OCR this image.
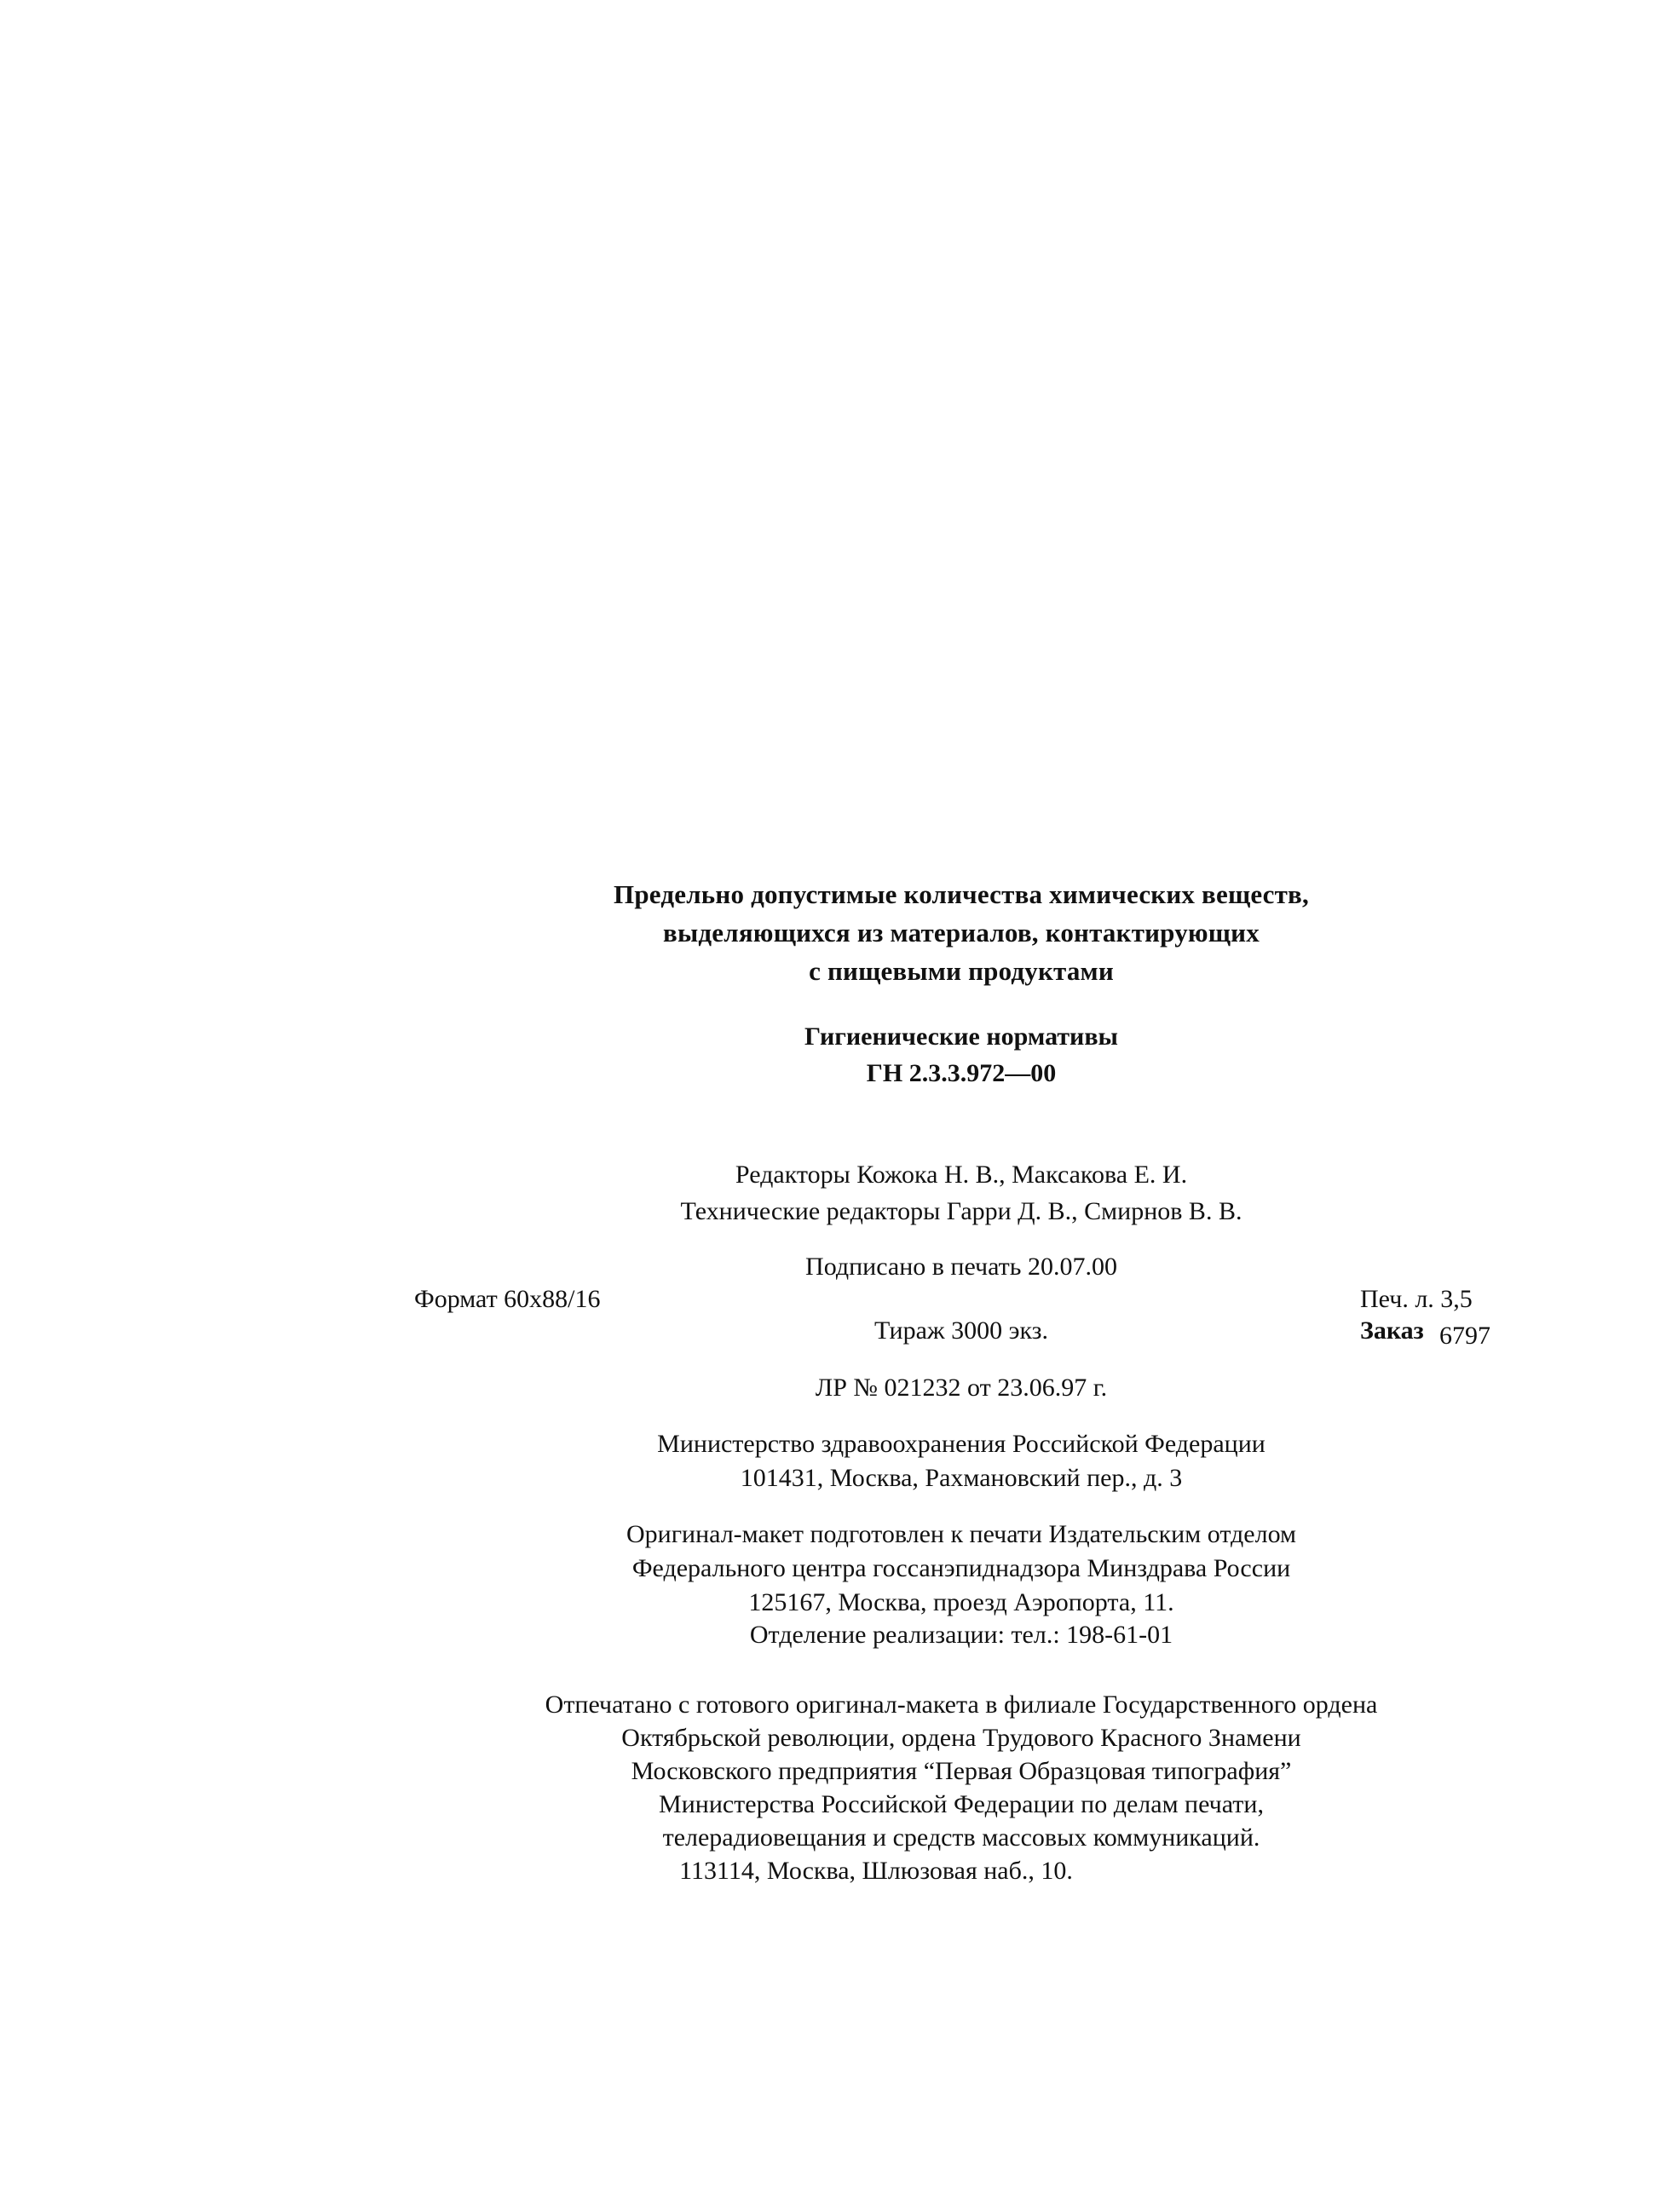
Предельно допустимые количества химических веществ,
выделяющихся из материалов, контактирующих
с пищевыми продуктами
Гигиенические нормативы
ГН 2.3.3.972—00
Редакторы Кожока Н. В., Максакова Е. И.
Технические редакторы Гарри Д. В., Смирнов В. В.
Подписано в печать 20.07.00
Формат 60x88/16	Печ. л. 3,5
Тираж 3000 экз.	Заказ 6797
ЛР № 021232 от 23.06.97 г.
Министерство здравоохранения Российской Федерации
101431, Москва, Рахмановский пер., д. 3
Оригинал-макет подготовлен к печати Издательским отделом
Федерального центра госсанэпиднадзора Минздрава России
125167, Москва, проезд Аэропорта, 11.
Отделение реализации: тел.: 198-61-01
Отпечатано с готового оригинал-макета в филиале Государственного ордена
Октябрьской революции, ордена Трудового Красного Знамени
Московского предприятия “Первая Образцовая типография”
Министерства Российской Федерации по делам печати,
телерадиовещания и средств массовых коммуникаций.
113114, Москва, Шлюзовая наб., 10.
